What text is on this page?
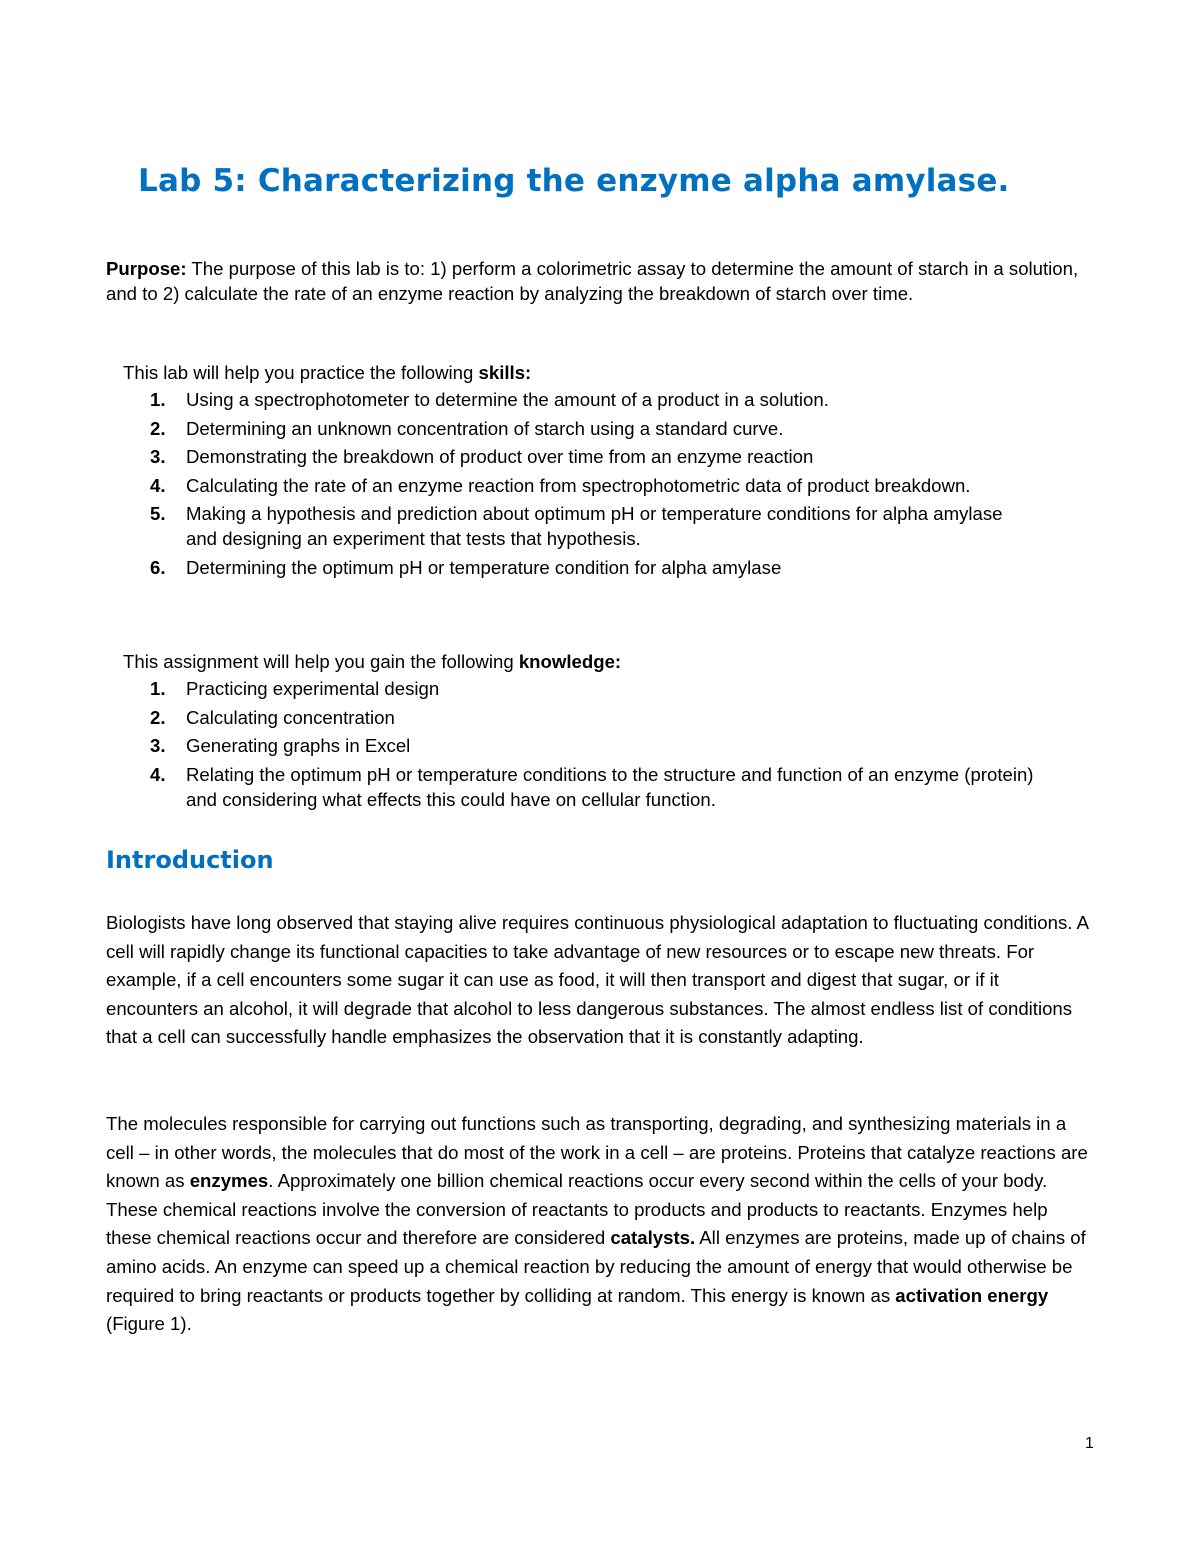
Lab 5: Characterizing the enzyme alpha amylase.

Purpose: The purpose of this lab is to: 1) perform a colorimetric assay to determine the amount of starch in a solution, and to 2) calculate the rate of an enzyme reaction by analyzing the breakdown of starch over time.

This lab will help you practice the following skills:

1. Using a spectrophotometer to determine the amount of a product in a solution.
2. Determining an unknown concentration of starch using a standard curve.
3. Demonstrating the breakdown of product over time from an enzyme reaction
4. Calculating the rate of an enzyme reaction from spectrophotometric data of product breakdown.
5. Making a hypothesis and prediction about optimum pH or temperature conditions for alpha amylase and designing an experiment that tests that hypothesis.
6. Determining the optimum pH or temperature condition for alpha amylase

This assignment will help you gain the following knowledge:

1. Practicing experimental design
2. Calculating concentration
3. Generating graphs in Excel
4. Relating the optimum pH or temperature conditions to the structure and function of an enzyme (protein) and considering what effects this could have on cellular function.
Introduction

Biologists have long observed that staying alive requires continuous physiological adaptation to fluctuating conditions. A cell will rapidly change its functional capacities to take advantage of new resources or to escape new threats. For example, if a cell encounters some sugar it can use as food, it will then transport and digest that sugar, or if it encounters an alcohol, it will degrade that alcohol to less dangerous substances. The almost endless list of conditions that a cell can successfully handle emphasizes the observation that it is constantly adapting.

The molecules responsible for carrying out functions such as transporting, degrading, and synthesizing materials in a cell – in other words, the molecules that do most of the work in a cell – are proteins. Proteins that catalyze reactions are known as enzymes. Approximately one billion chemical reactions occur every second within the cells of your body. These chemical reactions involve the conversion of reactants to products and products to reactants. Enzymes help these chemical reactions occur and therefore are considered catalysts. All enzymes are proteins, made up of chains of amino acids. An enzyme can speed up a chemical reaction by reducing the amount of energy that would otherwise be required to bring reactants or products together by colliding at random. This energy is known as activation energy (Figure 1).

1
